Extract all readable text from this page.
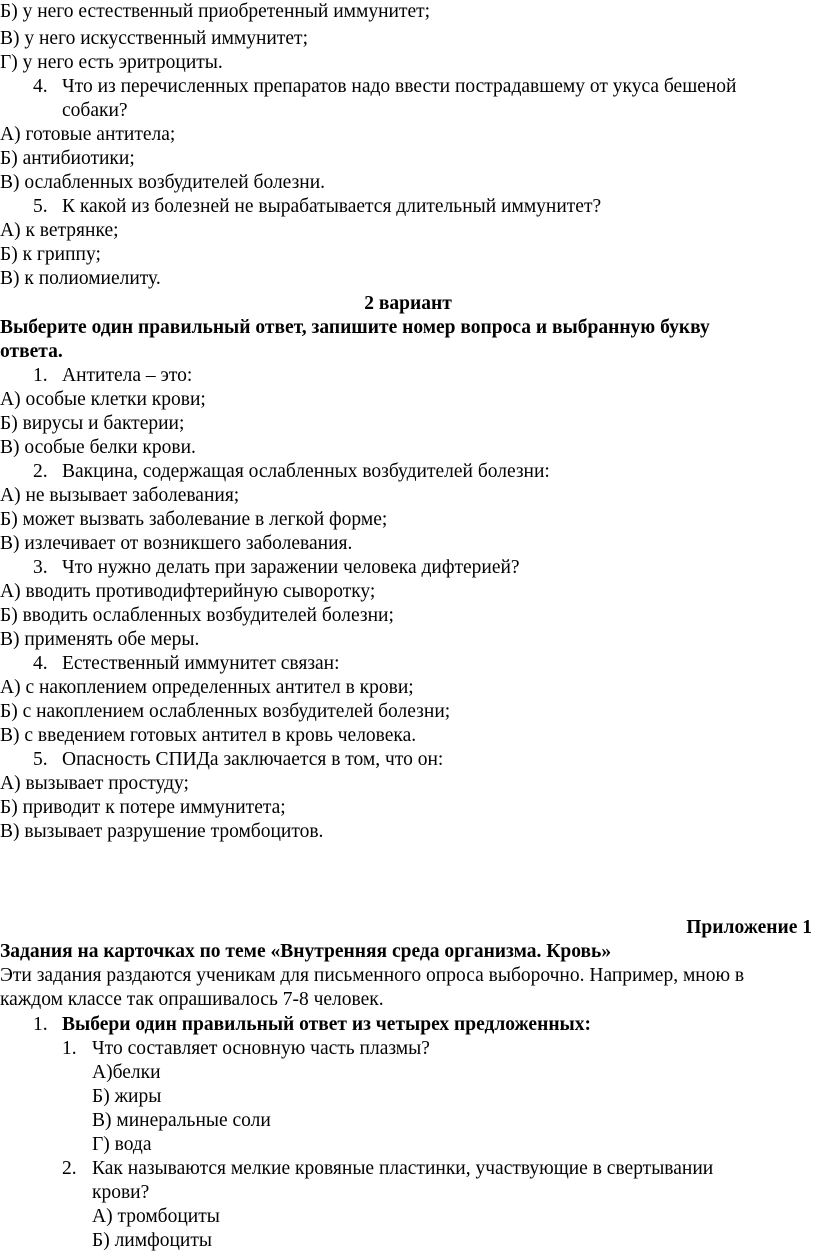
Б) у него естественный приобретенный иммунитет;
В) у него искусственный иммунитет;
Г) у него есть эритроциты.
4. Что из перечисленных препаратов надо ввести пострадавшему от укуса бешеной
собаки?
А) готовые антитела;
Б) антибиотики;
В) ослабленных возбудителей болезни.
5. К какой из болезней не вырабатывается длительный иммунитет?
А) к ветрянке;
Б) к гриппу;
В) к полиомиелиту.
2 вариант
Выберите один правильный ответ, запишите номер вопроса и выбранную букву
ответа.
1. Антитела – это:
А) особые клетки крови;
Б) вирусы и бактерии;
В) особые белки крови.
2. Вакцина, содержащая ослабленных возбудителей болезни:
А) не вызывает заболевания;
Б) может вызвать заболевание в легкой форме;
В) излечивает от возникшего заболевания.
3. Что нужно делать при заражении человека дифтерией?
А) вводить противодифтерийную сыворотку;
Б) вводить ослабленных возбудителей болезни;
В) применять обе меры.
4. Естественный иммунитет связан:
А) с накоплением определенных антител в крови;
Б) с накоплением ослабленных возбудителей болезни;
В) с введением готовых антител в кровь человека.
5. Опасность СПИДа заключается в том, что он:
А) вызывает простуду;
Б) приводит к потере иммунитета;
В) вызывает разрушение тромбоцитов.
Приложение 1
Задания на карточках по теме «Внутренняя среда организма. Кровь»
Эти задания раздаются ученикам для письменного опроса выборочно. Например, мною в
каждом классе так опрашивалось 7-8 человек.
1. Выбери один правильный ответ из четырех предложенных:
1. Что составляет основную часть плазмы?
А)белки
Б) жиры
В) минеральные соли
Г) вода
2. Как называются мелкие кровяные пластинки, участвующие в свертывании
крови?
А) тромбоциты
Б) лимфоциты
